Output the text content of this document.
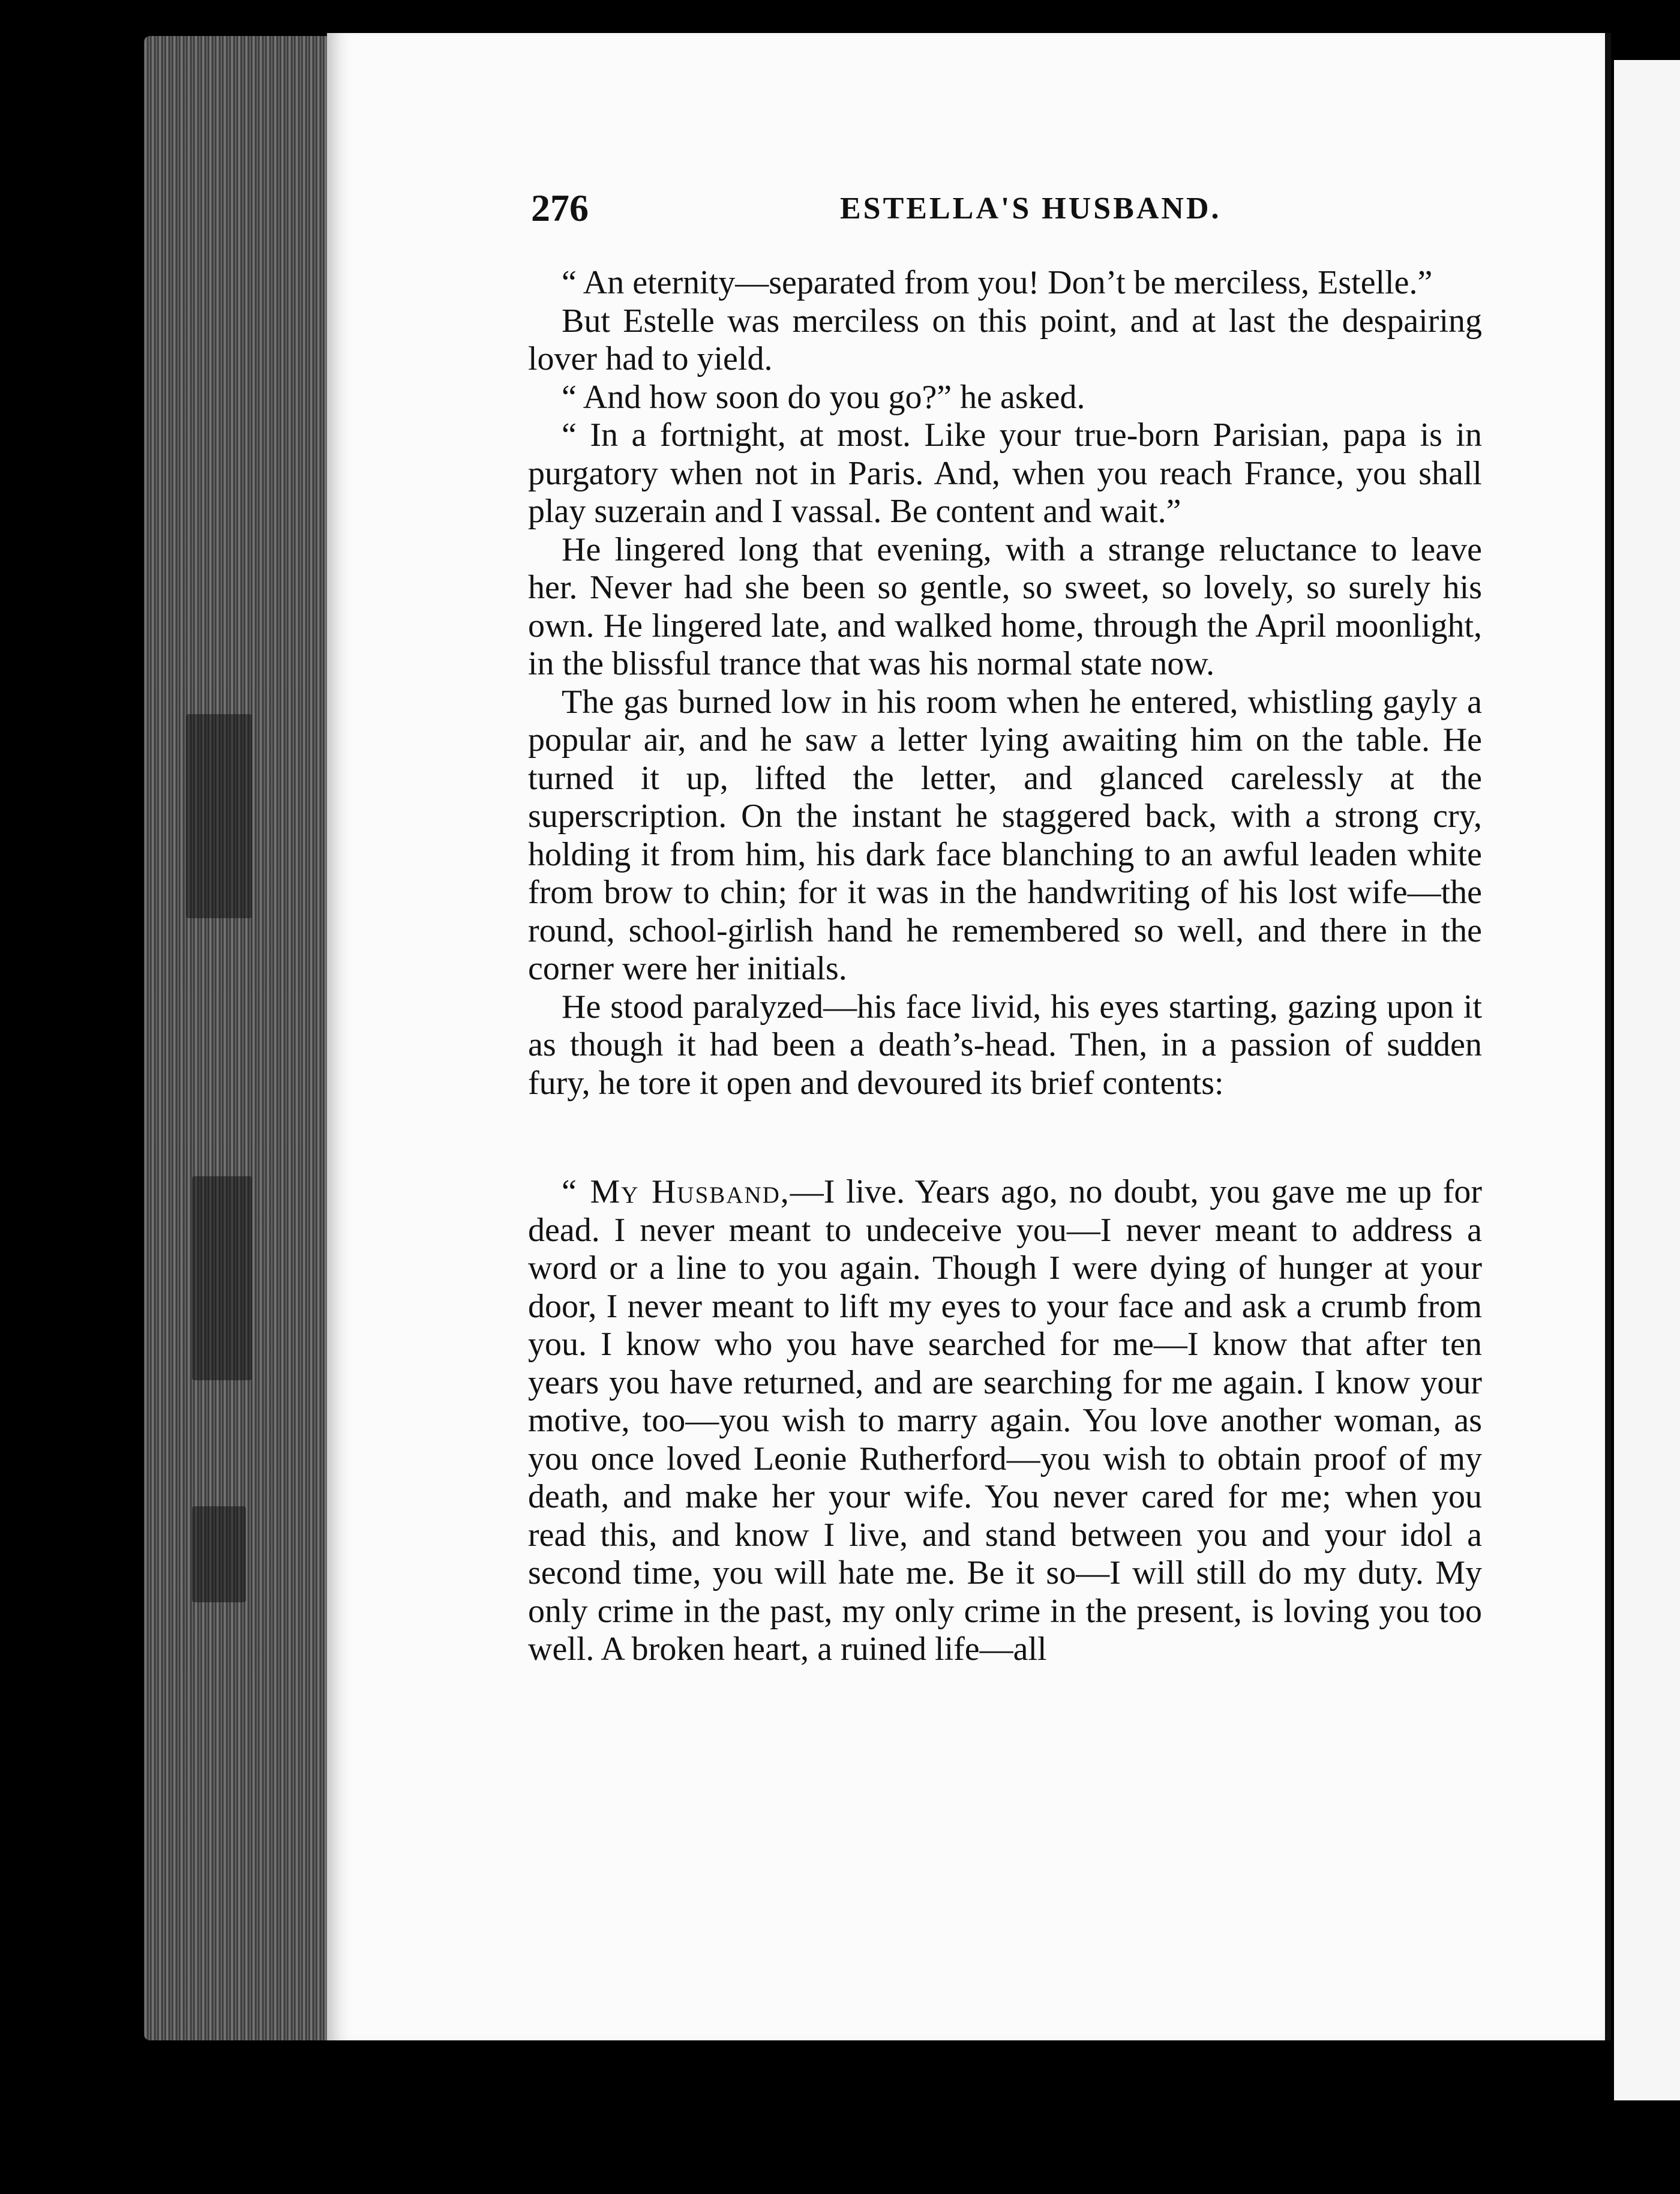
276	ESTELLA'S HUSBAND.

“ An eternity—separated from you! Don’t be merciless, Estelle.”

But Estelle was merciless on this point, and at last the despairing lover had to yield.

“ And how soon do you go?” he asked.

“ In a fortnight, at most. Like your true-born Parisian, papa is in purgatory when not in Paris. And, when you reach France, you shall play suzerain and I vassal. Be content and wait.”

He lingered long that evening, with a strange reluctance to leave her. Never had she been so gentle, so sweet, so lovely, so surely his own. He lingered late, and walked home, through the April moonlight, in the blissful trance that was his normal state now.

The gas burned low in his room when he entered, whistling gayly a popular air, and he saw a letter lying awaiting him on the table. He turned it up, lifted the letter, and glanced carelessly at the superscription. On the instant he staggered back, with a strong cry, holding it from him, his dark face blanching to an awful leaden white from brow to chin; for it was in the handwriting of his lost wife—the round, school-girlish hand he remembered so well, and there in the corner were her initials.

He stood paralyzed—his face livid, his eyes starting, gazing upon it as though it had been a death’s-head. Then, in a passion of sudden fury, he tore it open and devoured its brief contents:

“ My Husband,—I live. Years ago, no doubt, you gave me up for dead. I never meant to undeceive you—I never meant to address a word or a line to you again. Though I were dying of hunger at your door, I never meant to lift my eyes to your face and ask a crumb from you. I know who you have searched for me—I know that after ten years you have returned, and are searching for me again. I know your motive, too—you wish to marry again. You love another woman, as you once loved Leonie Rutherford—you wish to obtain proof of my death, and make her your wife. You never cared for me; when you read this, and know I live, and stand between you and your idol a second time, you will hate me. Be it so—I will still do my duty. My only crime in the past, my only crime in the present, is loving you too well. A broken heart, a ruined life—all
